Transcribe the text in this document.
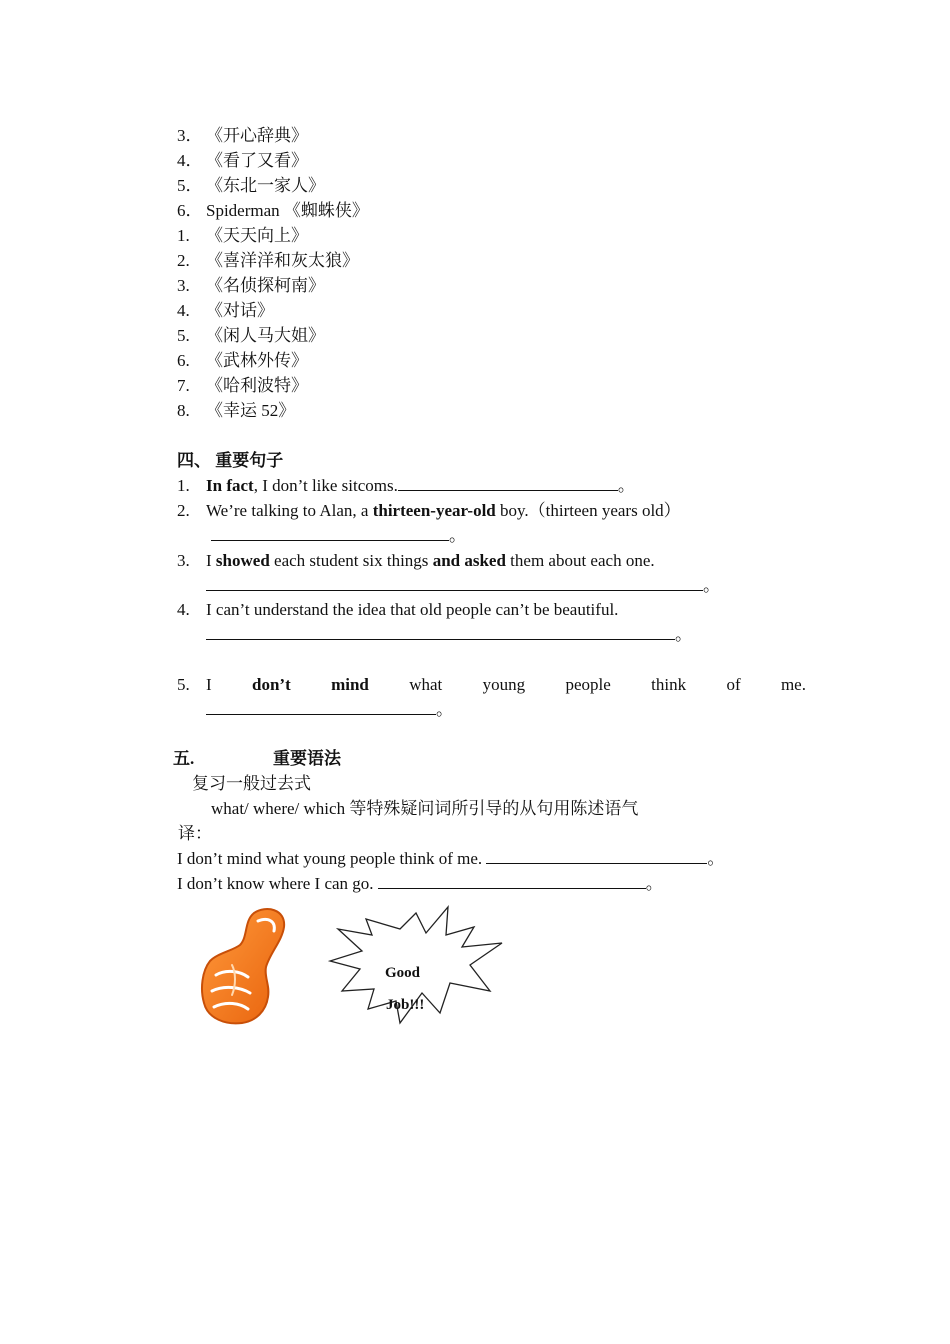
3． 《开心辞典》
4． 《看了又看》
5． 《东北一家人》
6． Spiderman 《蜘蛛侠》
1. 《天天向上》
2. 《喜洋洋和灰太狼》
3. 《名侦探柯南》
4. 《对话》
5. 《闲人马大姐》
6. 《武林外传》
7. 《哈利波特》
8. 《幸运 52》
四、 重要句子
1. In fact, I don’t like sitcoms.	。
2. We’re talking to Alan, a thirteen-year-old boy.（thirteen years old）
。
3. I showed each student six things and asked them about each one.
。
4. I can’t understand the idea that old people can’t be beautiful.
。
5. I don’t mind what young people think of me.
。
五.	重要语法
复习一般过去式
what/ where/ which 等特殊疑问词所引导的从句用陈述语气
译：
I don’t mind what young people think of me.	。
I don’t know where I can go.	。
Good
Job!!!
